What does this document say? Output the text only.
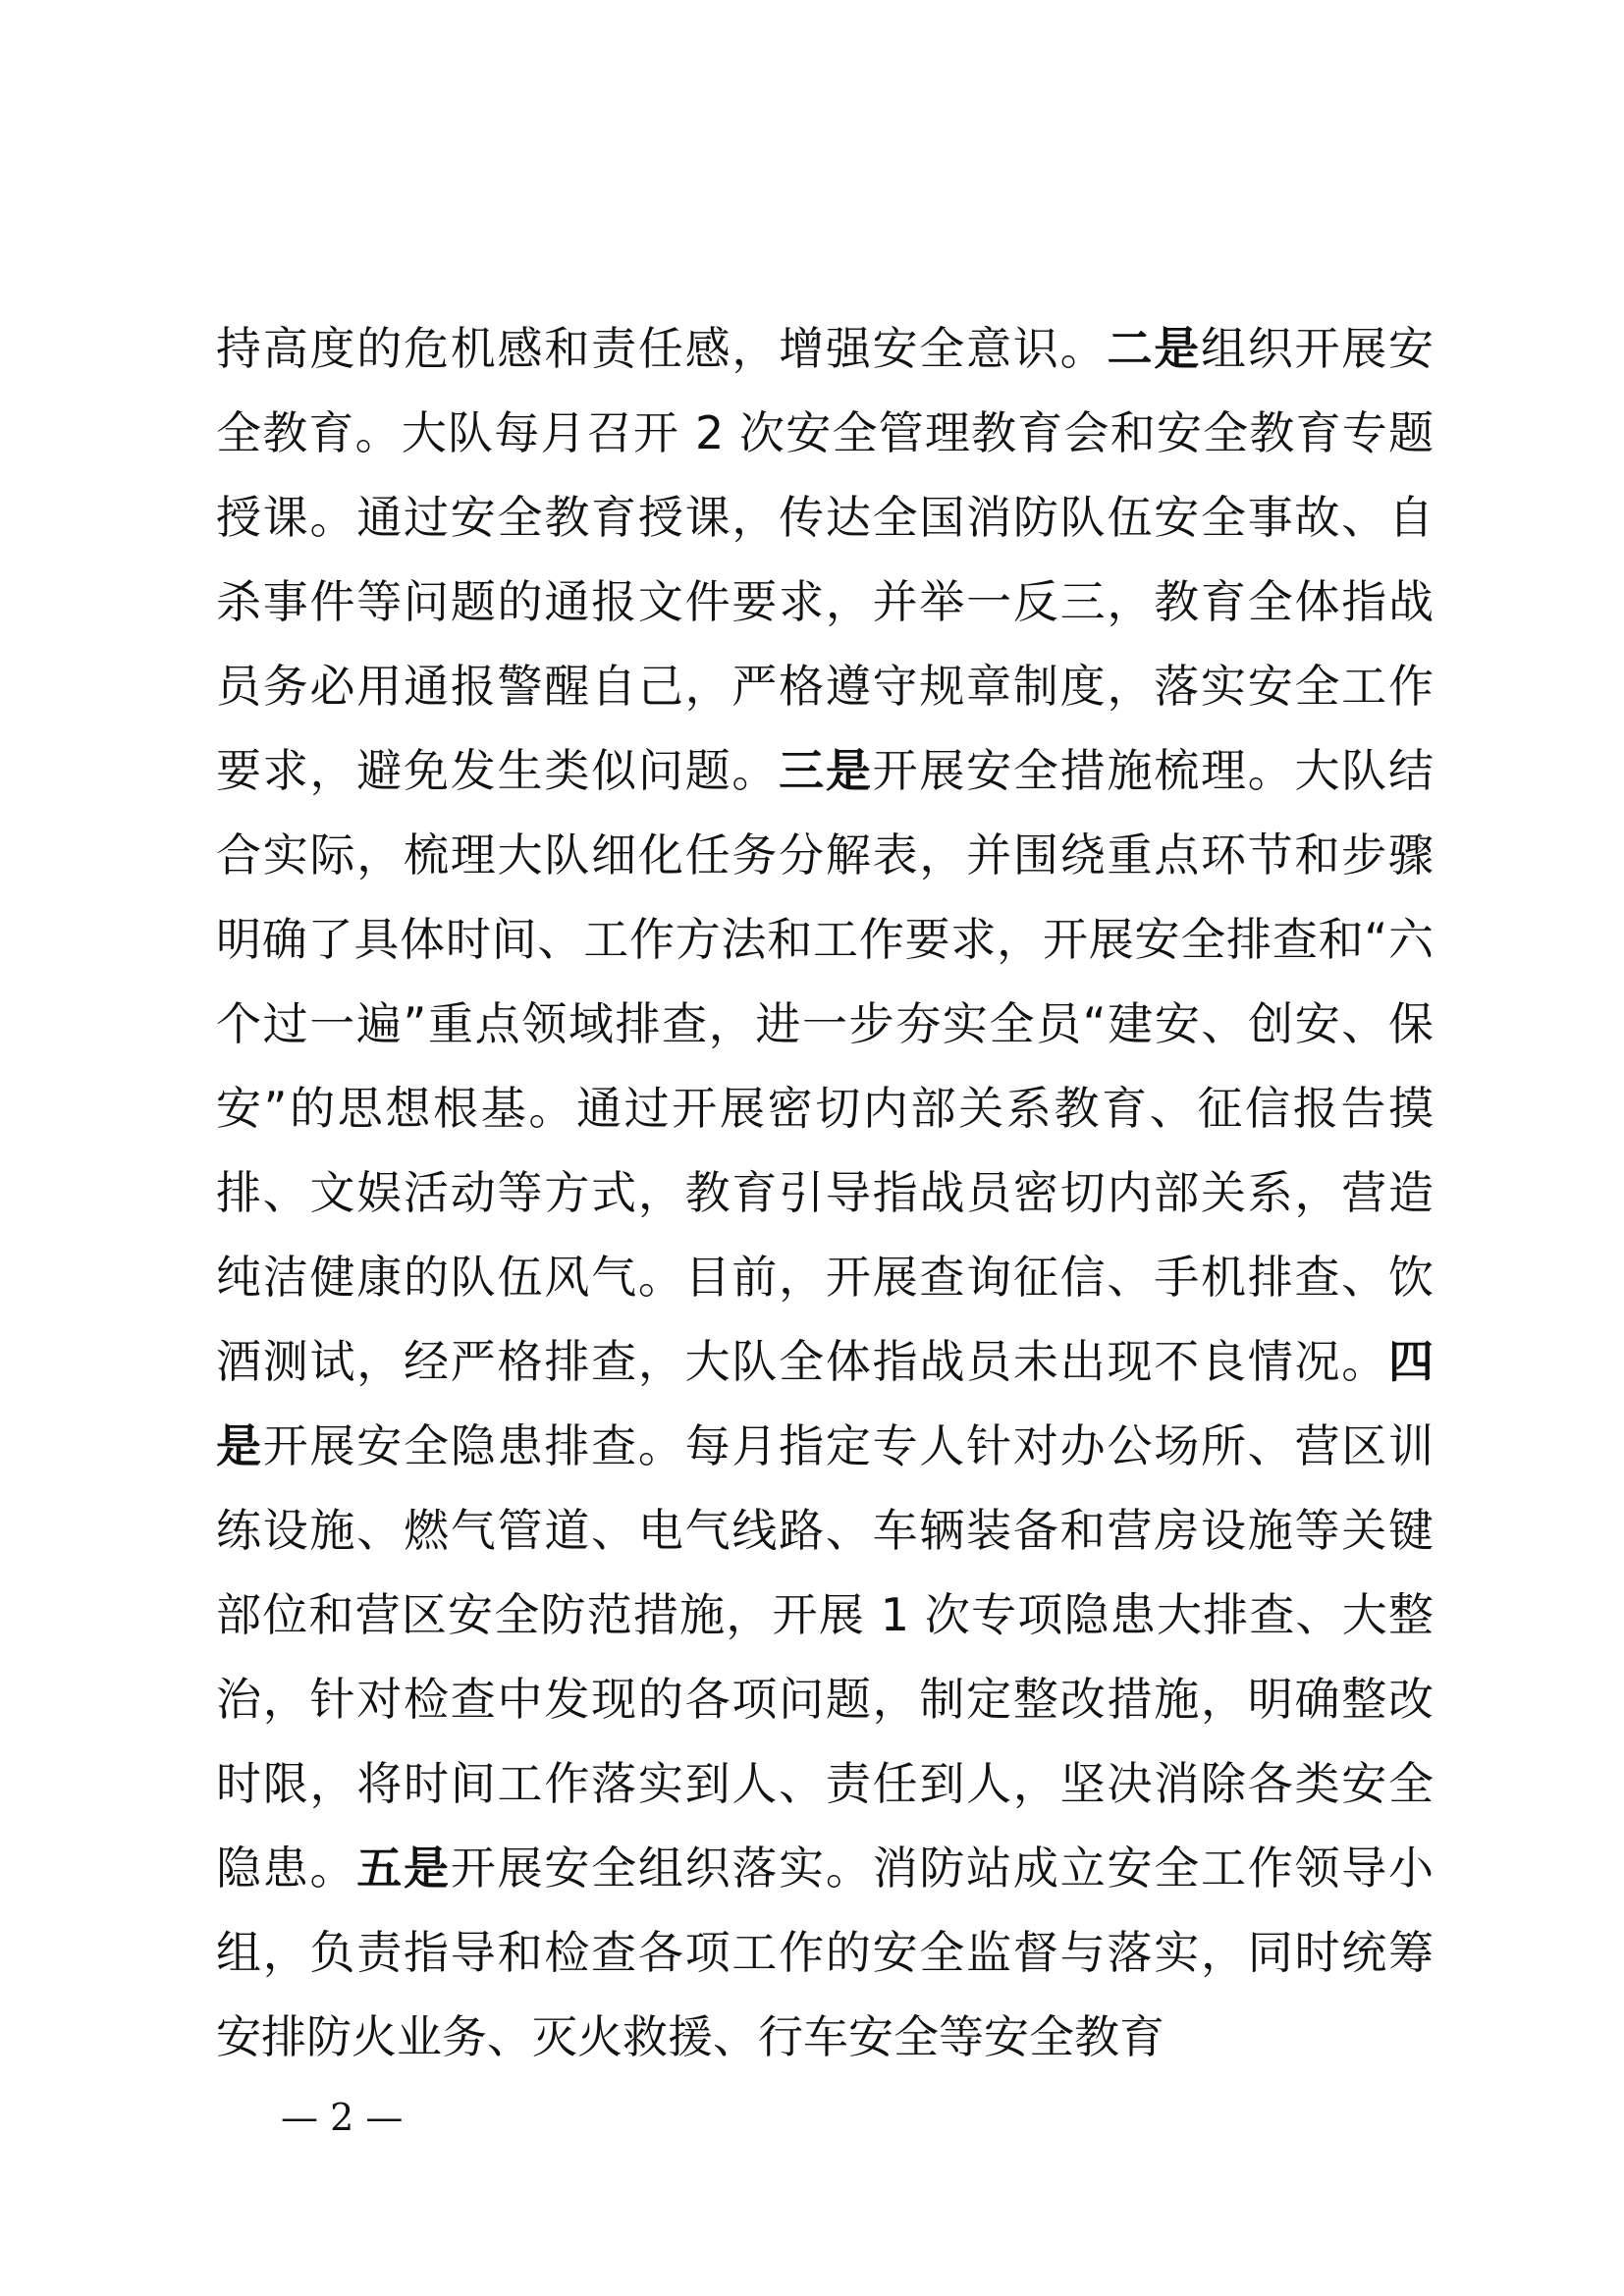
持高度的危机感和责任感，增强安全意识。二是组织开展安全教育。大队每月召开 2 次安全管理教育会和安全教育专题授课。通过安全教育授课，传达全国消防队伍安全事故、自杀事件等问题的通报文件要求，并举一反三，教育全体指战员务必用通报警醒自己，严格遵守规章制度，落实安全工作要求，避免发生类似问题。三是开展安全措施梳理。大队结合实际，梳理大队细化任务分解表，并围绕重点环节和步骤明确了具体时间、工作方法和工作要求，开展安全排查和“六个过一遍”重点领域排查，进一步夯实全员“建安、创安、保安”的思想根基。通过开展密切内部关系教育、征信报告摸排、文娱活动等方式，教育引导指战员密切内部关系，营造纯洁健康的队伍风气。目前，开展查询征信、手机排查、饮酒测试，经严格排查，大队全体指战员未出现不良情况。四是开展安全隐患排查。每月指定专人针对办公场所、营区训练设施、燃气管道、电气线路、车辆装备和营房设施等关键部位和营区安全防范措施，开展 1 次专项隐患大排查、大整治，针对检查中发现的各项问题，制定整改措施，明确整改时限，将时间工作落实到人、责任到人，坚决消除各类安全隐患。五是开展安全组织落实。消防站成立安全工作领导小组，负责指导和检查各项工作的安全监督与落实，同时统筹安排防火业务、灭火救援、行车安全等安全教育

— 2 —
